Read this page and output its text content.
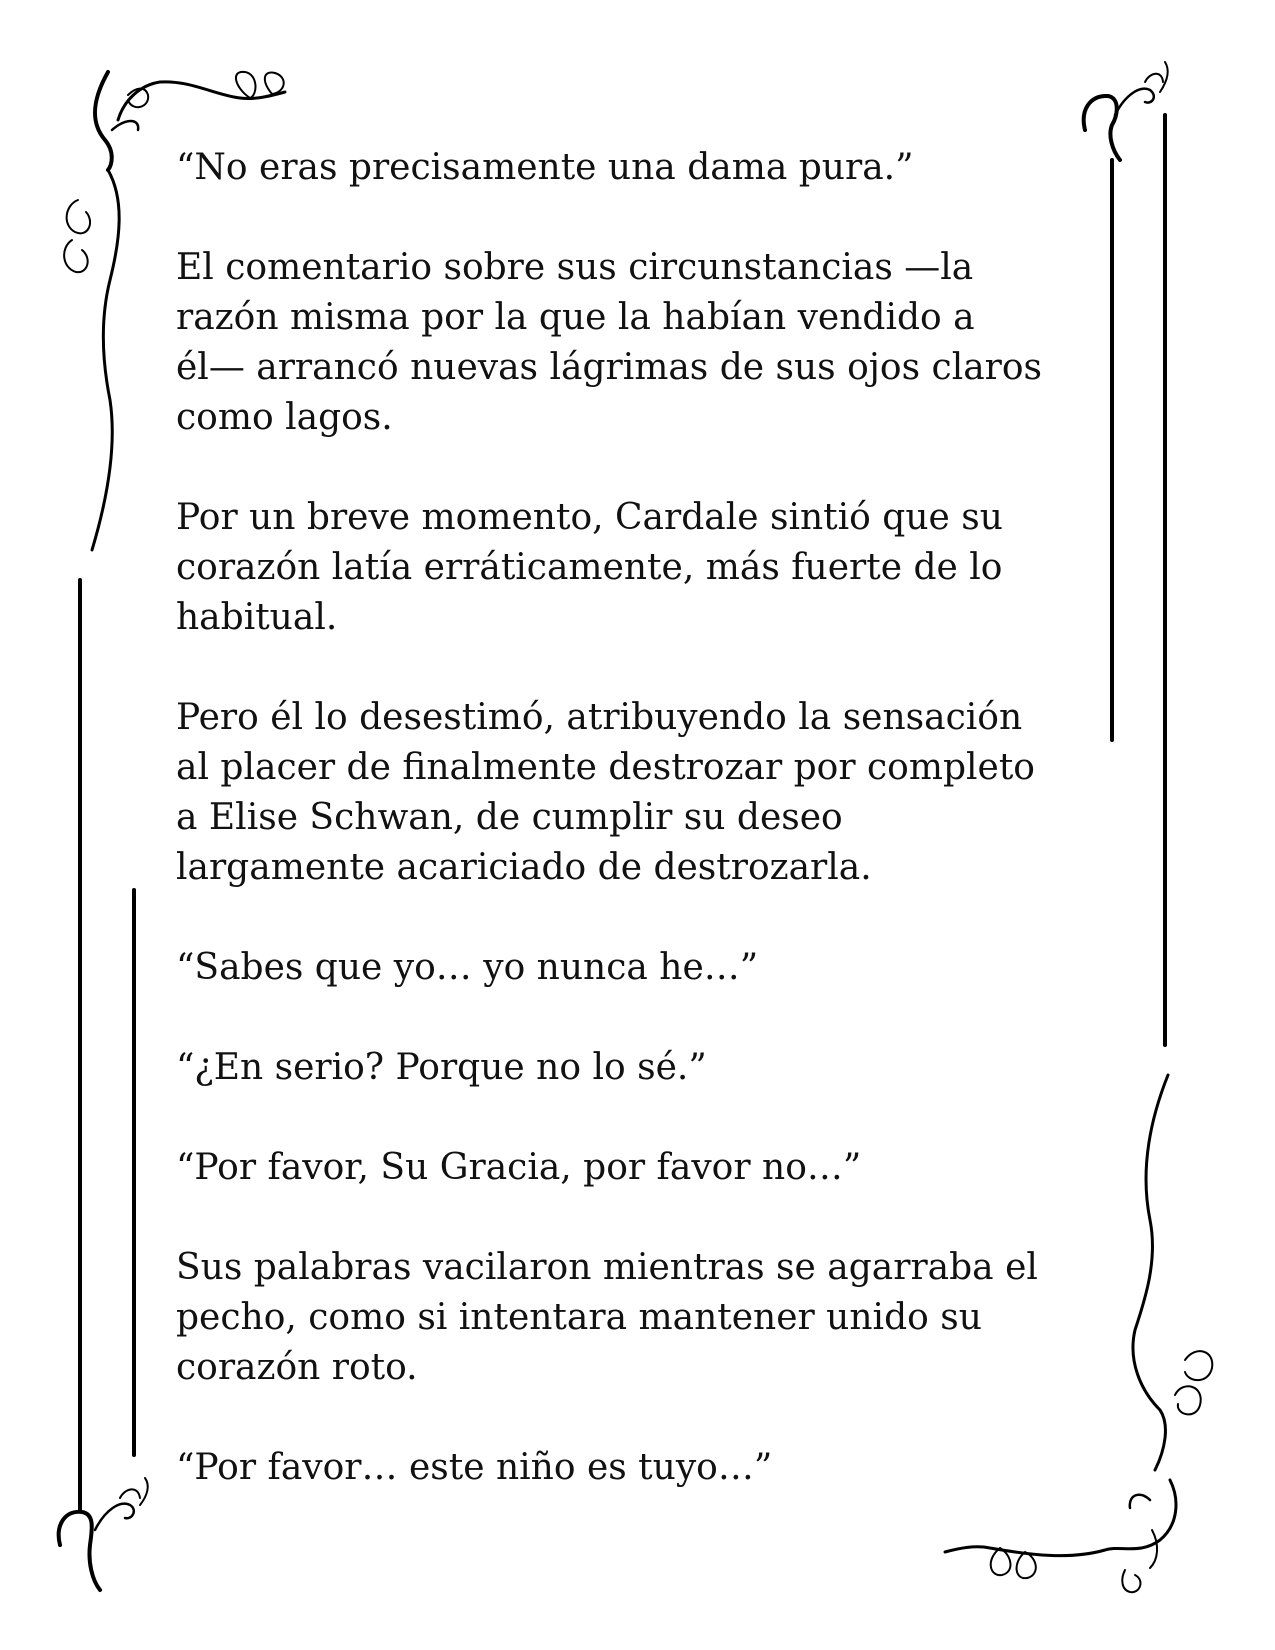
“No eras precisamente una dama pura.”

El comentario sobre sus circunstancias —la
razón misma por la que la habían vendido a
él— arrancó nuevas lágrimas de sus ojos claros
como lagos.

Por un breve momento, Cardale sintió que su
corazón latía erráticamente, más fuerte de lo
habitual.

Pero él lo desestimó, atribuyendo la sensación
al placer de finalmente destrozar por completo
a Elise Schwan, de cumplir su deseo
largamente acariciado de destrozarla.

“Sabes que yo… yo nunca he…”

“¿En serio? Porque no lo sé.”

“Por favor, Su Gracia, por favor no…”

Sus palabras vacilaron mientras se agarraba el
pecho, como si intentara mantener unido su
corazón roto.

“Por favor… este niño es tuyo…”
